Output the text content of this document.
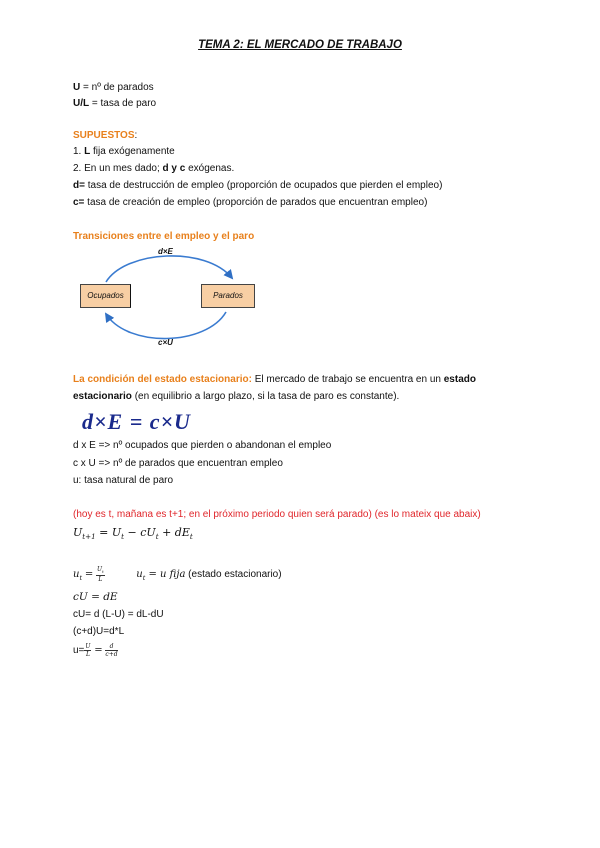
TEMA 2: EL MERCADO DE TRABAJO
U = nº de parados
U/L = tasa de paro
SUPUESTOS:
1. L fija exógenamente
2. En un mes dado; d y c exógenas.
d= tasa de destrucción de empleo (proporción de ocupados que pierden el empleo)
c= tasa de creación de empleo (proporción de parados que encuentran empleo)
Transiciones entre el empleo y el paro
d×E
c×U
Ocupados	Parados
La condición del estado estacionario: El mercado de trabajo se encuentra en un estado
estacionario (en equilibrio a largo plazo, si la tasa de paro es constante).
d×E = c×U
d x E => nº ocupados que pierden o abandonan el empleo
c x U => nº de parados que encuentran empleo
u: tasa natural de paro
(hoy es t, mañana es t+1; en el próximo periodo quien será parado) (es lo mateix que abaix)
$U_{t+1} = U_t - cU_t + dE_t$
$u_t = \frac{U_t}{L}$	$u_t = u$ fija (estado estacionario)
cU = dE
cU= d (L-U) = dL-dU
(c+d)U=d*L
$u= \frac{U}{L} = \frac{d}{c+d}$
